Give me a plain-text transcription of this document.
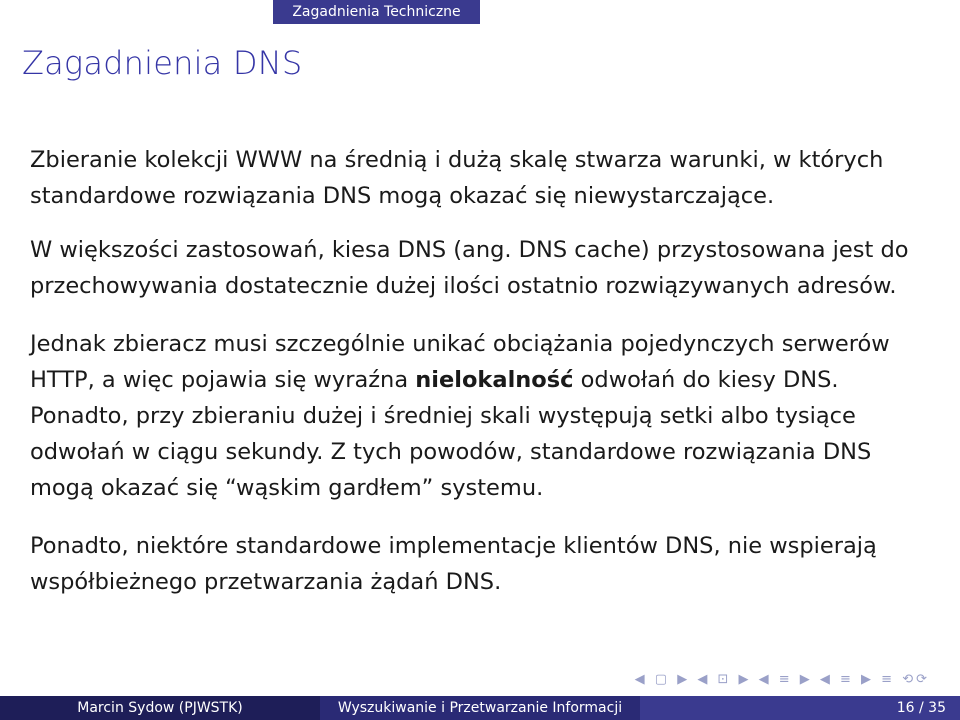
Zagadnienia Techniczne
Zagadnienia DNS

Zbieranie kolekcji WWW na średnią i dużą skalę stwarza warunki, w których standardowe rozwiązania DNS mogą okazać się niewystarczające.

W większości zastosowań, kiesa DNS (ang. DNS cache) przystosowana jest do przechowywania dostatecznie dużej ilości ostatnio rozwiązywanych adresów.

Jednak zbieracz musi szczególnie unikać obciążania pojedynczych serwerów HTTP, a więc pojawia się wyraźna nielokalność odwołań do kiesy DNS. Ponadto, przy zbieraniu dużej i średniej skali występują setki albo tysiące odwołań w ciągu sekundy. Z tych powodów, standardowe rozwiązania DNS mogą okazać się “wąskim gardłem” systemu.

Ponadto, niektóre standardowe implementacje klientów DNS, nie wspierają współbieżnego przetwarzania żądań DNS.

◀ ▢ ▶ ◀ ⊡ ▶ ◀ ≡ ▶ ◀ ≡ ▶ ≡ ⟲⟳
Marcin Sydow (PJWSTK)	Wyszukiwanie i Przetwarzanie Informacji	16 / 35
